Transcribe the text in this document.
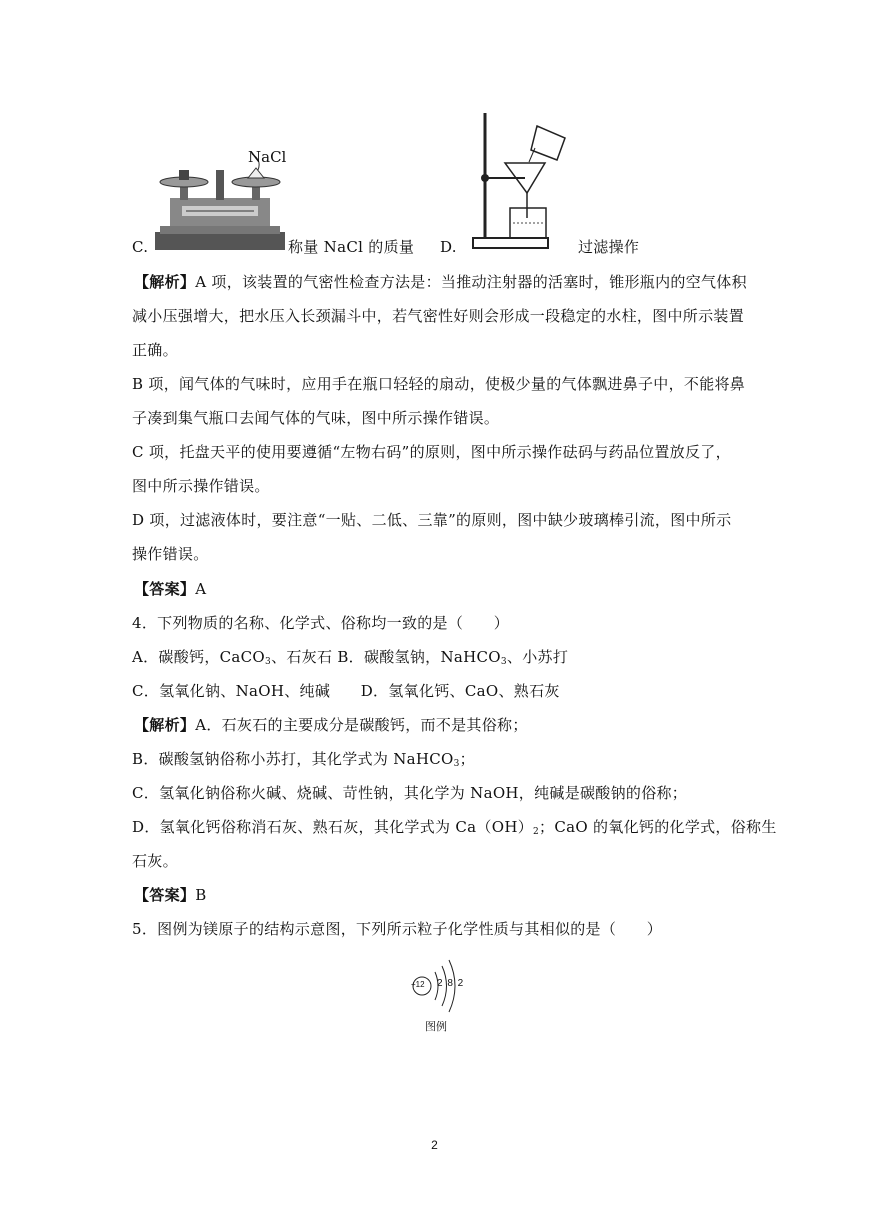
NaCl
C.	称量 NaCl 的质量 D.	过滤操作
【解析】A 项，该装置的气密性检查方法是：当推动注射器的活塞时，锥形瓶内的空气体积
减小压强增大，把水压入长颈漏斗中，若气密性好则会形成一段稳定的水柱，图中所示装置
正确。
B 项，闻气体的气味时，应用手在瓶口轻轻的扇动，使极少量的气体飘进鼻子中，不能将鼻
子凑到集气瓶口去闻气体的气味，图中所示操作错误。
C 项，托盘天平的使用要遵循“左物右码”的原则，图中所示操作砝码与药品位置放反了，
图中所示操作错误。
D 项，过滤液体时，要注意“一贴、二低、三靠”的原则，图中缺少玻璃棒引流，图中所示
操作错误。
【答案】A
4．下列物质的名称、化学式、俗称均一致的是（　　）
A．碳酸钙，CaCO$_3$、石灰石 B．碳酸氢钠，NaHCO$_3$、小苏打
C．氢氧化钠、NaOH、纯碱　　D．氢氧化钙、CaO、熟石灰
【解析】A．石灰石的主要成分是碳酸钙，而不是其俗称；
B．碳酸氢钠俗称小苏打，其化学式为 NaHCO$_3$；
C．氢氧化钠俗称火碱、烧碱、苛性钠，其化学为 NaOH，纯碱是碳酸钠的俗称；
D．氢氧化钙俗称消石灰、熟石灰，其化学式为 $Ca(OH)_2$；CaO 的氧化钙的化学式，俗称生
石灰。
【答案】B
5．图例为镁原子的结构示意图，下列所示粒子化学性质与其相似的是（　　）
+12 2 8 2
图例
2
